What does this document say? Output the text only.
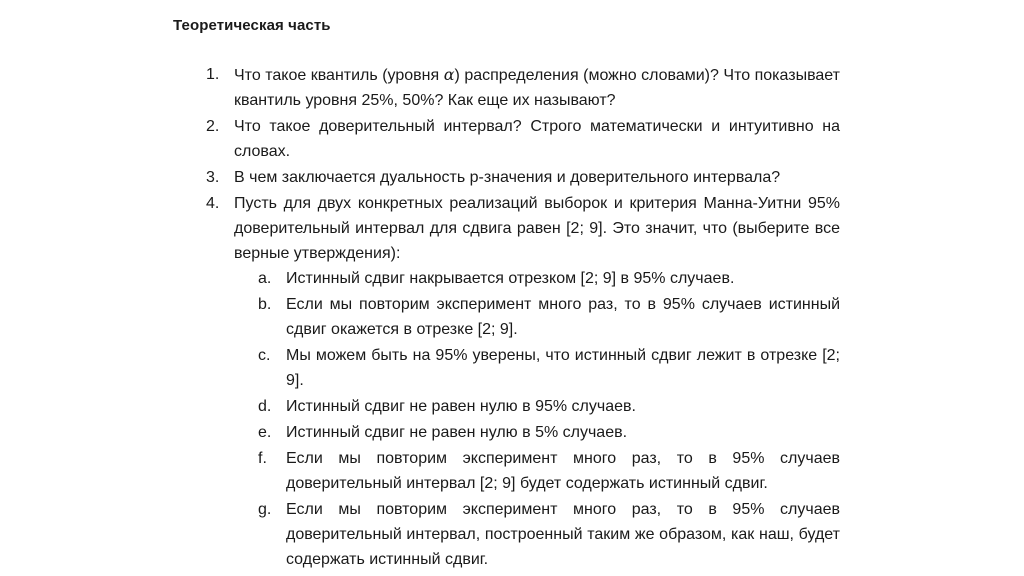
Теоретическая часть
1. Что такое квантиль (уровня α) распределения (можно словами)? Что показывает квантиль уровня 25%, 50%? Как еще их называют?
2. Что такое доверительный интервал? Строго математически и интуитивно на словах.
3. В чем заключается дуальность p-значения и доверительного интервала?
4. Пусть для двух конкретных реализаций выборок и критерия Манна-Уитни 95% доверительный интервал для сдвига равен [2; 9]. Это значит, что (выберите все верные утверждения):
a. Истинный сдвиг накрывается отрезком [2; 9] в 95% случаев.
b. Если мы повторим эксперимент много раз, то в 95% случаев истинный сдвиг окажется в отрезке [2; 9].
c. Мы можем быть на 95% уверены, что истинный сдвиг лежит в отрезке [2; 9].
d. Истинный сдвиг не равен нулю в 95% случаев.
e. Истинный сдвиг не равен нулю в 5% случаев.
f. Если мы повторим эксперимент много раз, то в 95% случаев доверительный интервал [2; 9] будет содержать истинный сдвиг.
g. Если мы повторим эксперимент много раз, то в 95% случаев доверительный интервал, построенный таким же образом, как наш, будет содержать истинный сдвиг.
